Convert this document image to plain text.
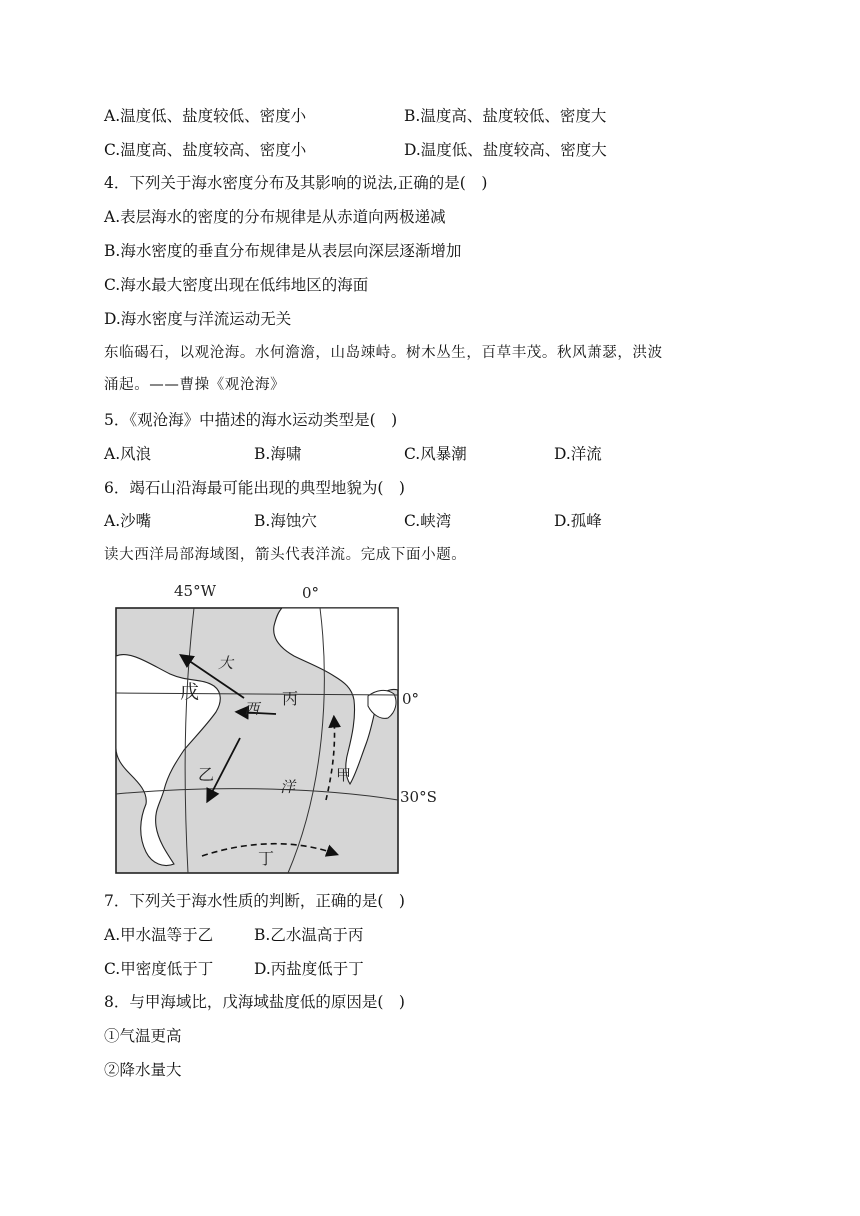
A.温度低、盐度较低、密度小	B.温度高、盐度较低、密度大
C.温度高、盐度较高、密度小	D.温度低、盐度较高、密度大
4．下列关于海水密度分布及其影响的说法,正确的是(　)
A.表层海水的密度的分布规律是从赤道向两极递减
B.海水密度的垂直分布规律是从表层向深层逐渐增加
C.海水最大密度出现在低纬地区的海面
D.海水密度与洋流运动无关
东临碣石，以观沧海。水何澹澹，山岛竦峙。树木丛生，百草丰茂。秋风萧瑟，洪波
涌起。——曹操《观沧海》
5．《观沧海》中描述的海水运动类型是(　)
A.风浪	B.海啸	C.风暴潮	D.洋流
6．竭石山沿海最可能出现的典型地貌为(　)
A.沙嘴	B.海蚀穴	C.峡湾	D.孤峰
读大西洋局部海域图，箭头代表洋流。完成下面小题。
45°W	0°
0°
30°S
大
西
洋
戊	丙
乙	甲
丁
7．下列关于海水性质的判断，正确的是(　)
A.甲水温等于乙	B.乙水温高于丙
C.甲密度低于丁	D.丙盐度低于丁
8．与甲海域比，戊海域盐度低的原因是(　)
①气温更高
②降水量大
